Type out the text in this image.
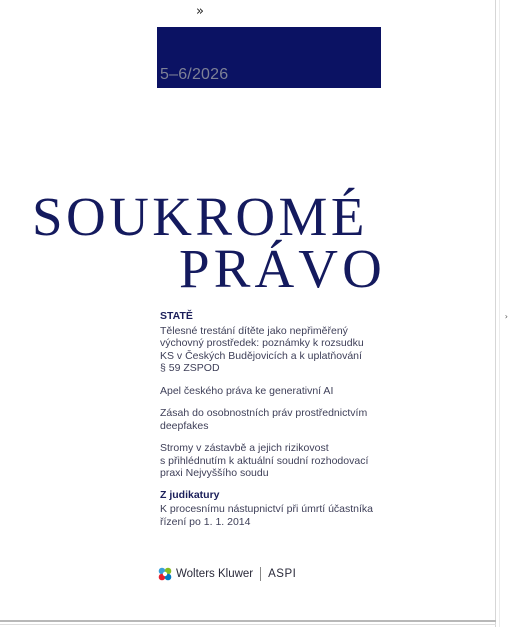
»
5–6/2026
SOUKROMÉ
PRÁVO
STATĚ
Tělesné trestání dítěte jako nepřiměřený
výchovný prostředek: poznámky k rozsudku
KS v Českých Budějovicích a k uplatňování
§ 59 ZSPOD
Apel českého práva ke generativní AI
Zásah do osobnostních práv prostřednictvím
deepfakes
Stromy v zástavbě a jejich rizikovost
s přihlédnutím k aktuální soudní rozhodovací
praxi Nejvyššího soudu
Z judikatury
K procesnímu nástupnictví při úmrtí účastníka
řízení po 1. 1. 2014
Wolters Kluwer ASPI
›
